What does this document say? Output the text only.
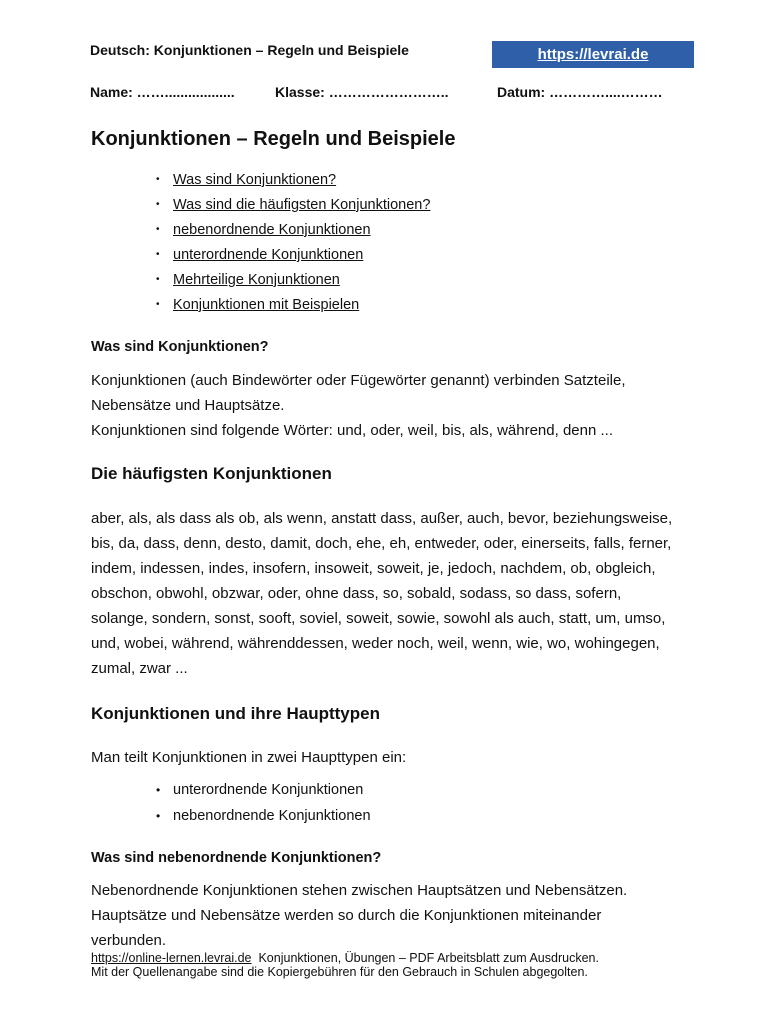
Deutsch: Konjunktionen – Regeln und Beispiele	https://levrai.de
Name: ……..................	Klasse: ……………………..	Datum: …………....………
Konjunktionen – Regeln und Beispiele
• Was sind Konjunktionen?
• Was sind die häufigsten Konjunktionen?
• nebenordnende Konjunktionen
• unterordnende Konjunktionen
• Mehrteilige Konjunktionen
• Konjunktionen mit Beispielen
Was sind Konjunktionen?
Konjunktionen (auch Bindewörter oder Fügewörter genannt) verbinden Satzteile,
Nebensätze und Hauptsätze.
Konjunktionen sind folgende Wörter: und, oder, weil, bis, als, während, denn ...
Die häufigsten Konjunktionen
aber, als, als dass als ob, als wenn, anstatt dass, außer, auch, bevor, beziehungsweise,
bis, da, dass, denn, desto, damit, doch, ehe, eh, entweder, oder, einerseits, falls, ferner,
indem, indessen, indes, insofern, insoweit, soweit, je, jedoch, nachdem, ob, obgleich,
obschon, obwohl, obzwar, oder, ohne dass, so, sobald, sodass, so dass, sofern,
solange, sondern, sonst, sooft, soviel, soweit, sowie, sowohl als auch, statt, um, umso,
und, wobei, während, währenddessen, weder noch, weil, wenn, wie, wo, wohingegen,
zumal, zwar ...
Konjunktionen und ihre Haupttypen
Man teilt Konjunktionen in zwei Haupttypen ein:
• unterordnende Konjunktionen
• nebenordnende Konjunktionen
Was sind nebenordnende Konjunktionen?
Nebenordnende Konjunktionen stehen zwischen Hauptsätzen und Nebensätzen.
Hauptsätze und Nebensätze werden so durch die Konjunktionen miteinander
verbunden.
https://online-lernen.levrai.de Konjunktionen, Übungen – PDF Arbeitsblatt zum Ausdrucken.
Mit der Quellenangabe sind die Kopiergebühren für den Gebrauch in Schulen abgegolten.
